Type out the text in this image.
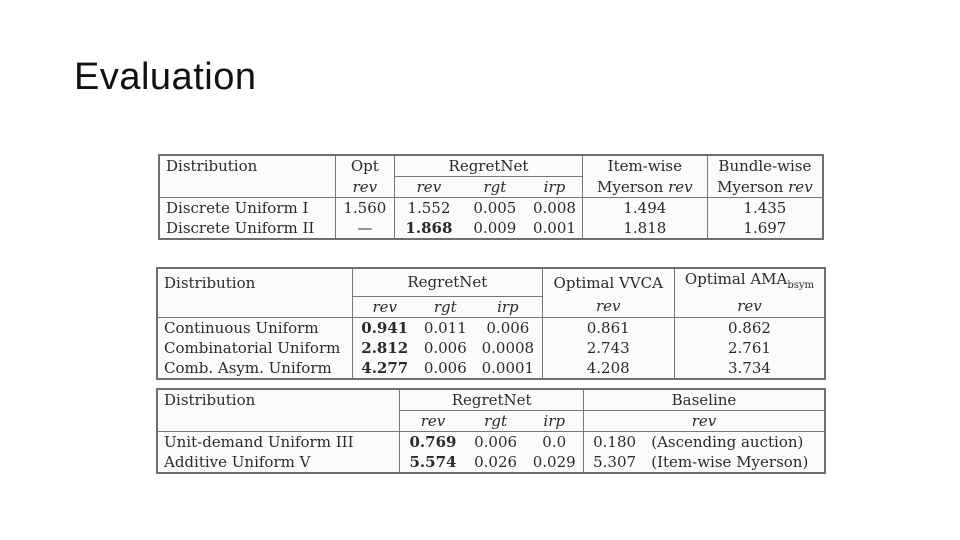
Evaluation
Distribution	Opt	RegretNet			Item-wise	Bundle-wise
	rev	rev	rgt	irp	Myerson rev	Myerson rev
Discrete Uniform I	1.560	1.552	0.005	0.008	1.494	1.435
Discrete Uniform II	—	1.868	0.009	0.001	1.818	1.697
Distribution	RegretNet			Optimal VVCA	Optimal $AMA_{bsym}$
	rev	rgt	irp	rev	rev
Continuous Uniform	0.941	0.011	0.006	0.861	0.862
Combinatorial Uniform	2.812	0.006	0.0008	2.743	2.761
Comb. Asym. Uniform	4.277	0.006	0.0001	4.208	3.734
Distribution	RegretNet			Baseline	
	rev	rgt	irp	rev	
Unit-demand Uniform III	0.769	0.006	0.0	0.180	(Ascending auction)
Additive Uniform V	5.574	0.026	0.029	5.307	(Item-wise Myerson)
